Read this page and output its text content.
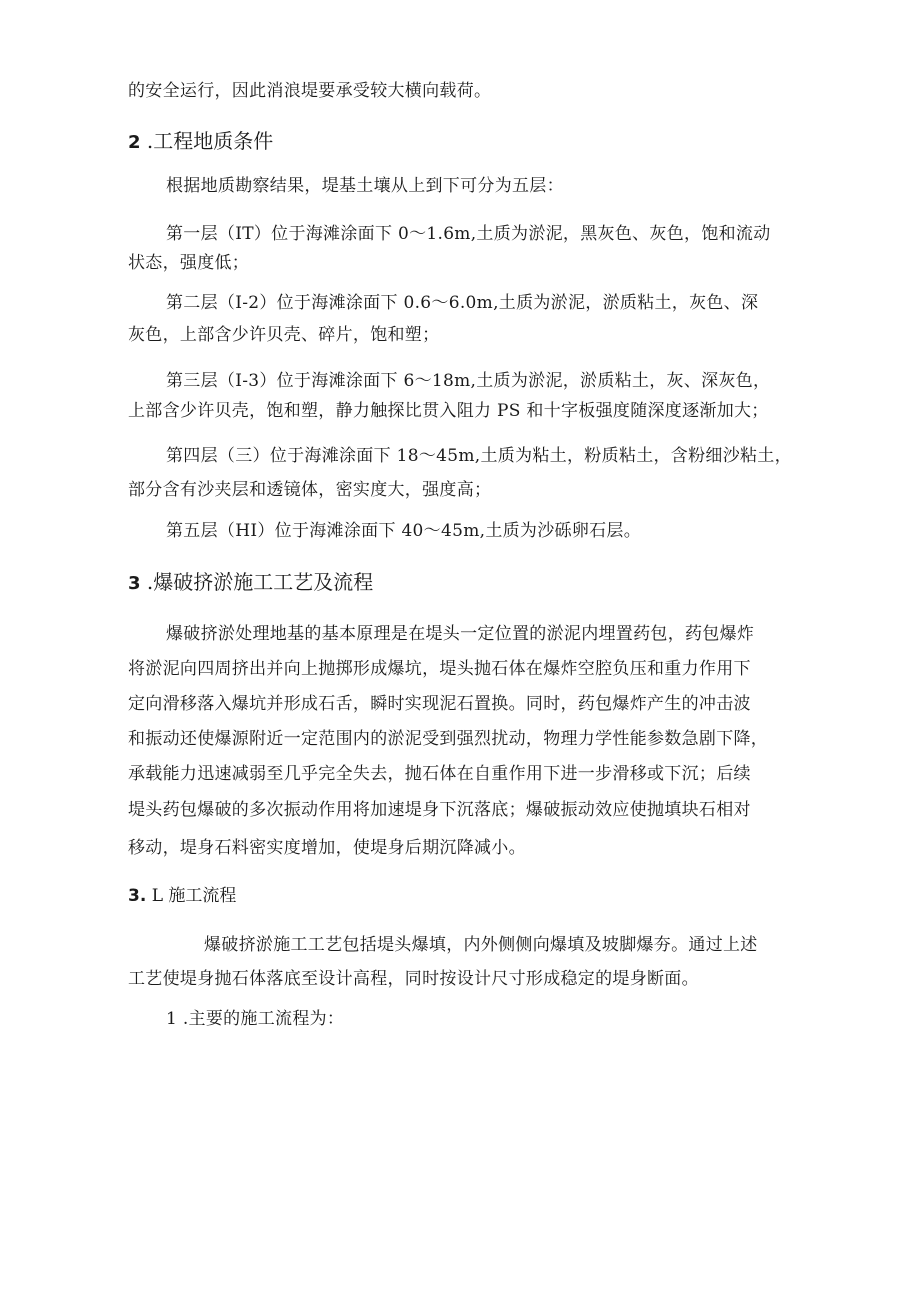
的安全运行，因此消浪堤要承受较大横向载荷。
2 .工程地质条件
根据地质勘察结果，堤基土壤从上到下可分为五层：
第一层（IT）位于海滩涂面下 0～1.6m,土质为淤泥，黑灰色、灰色，饱和流动
状态，强度低；
第二层（I-2）位于海滩涂面下 0.6～6.0m,土质为淤泥，淤质粘土，灰色、深
灰色，上部含少许贝壳、碎片，饱和塑；
第三层（I-3）位于海滩涂面下 6～18m,土质为淤泥，淤质粘土，灰、深灰色，
上部含少许贝壳，饱和塑，静力触探比贯入阻力 PS 和十字板强度随深度逐渐加大；
第四层（三）位于海滩涂面下 18～45m,土质为粘土，粉质粘土，含粉细沙粘土，
部分含有沙夹层和透镜体，密实度大，强度高；
第五层（HI）位于海滩涂面下 40～45m,土质为沙砾卵石层。
3 .爆破挤淤施工工艺及流程
爆破挤淤处理地基的基本原理是在堤头一定位置的淤泥内埋置药包，药包爆炸
将淤泥向四周挤出并向上抛掷形成爆坑，堤头抛石体在爆炸空腔负压和重力作用下
定向滑移落入爆坑并形成石舌，瞬时实现泥石置换。同时，药包爆炸产生的冲击波
和振动还使爆源附近一定范围内的淤泥受到强烈扰动，物理力学性能参数急剧下降，
承载能力迅速减弱至几乎完全失去，抛石体在自重作用下进一步滑移或下沉；后续
堤头药包爆破的多次振动作用将加速堤身下沉落底；爆破振动效应使抛填块石相对
移动，堤身石料密实度增加，使堤身后期沉降减小。
3. L 施工流程
爆破挤淤施工工艺包括堤头爆填，内外侧侧向爆填及坡脚爆夯。通过上述
工艺使堤身抛石体落底至设计高程，同时按设计尺寸形成稳定的堤身断面。
1 .主要的施工流程为：
